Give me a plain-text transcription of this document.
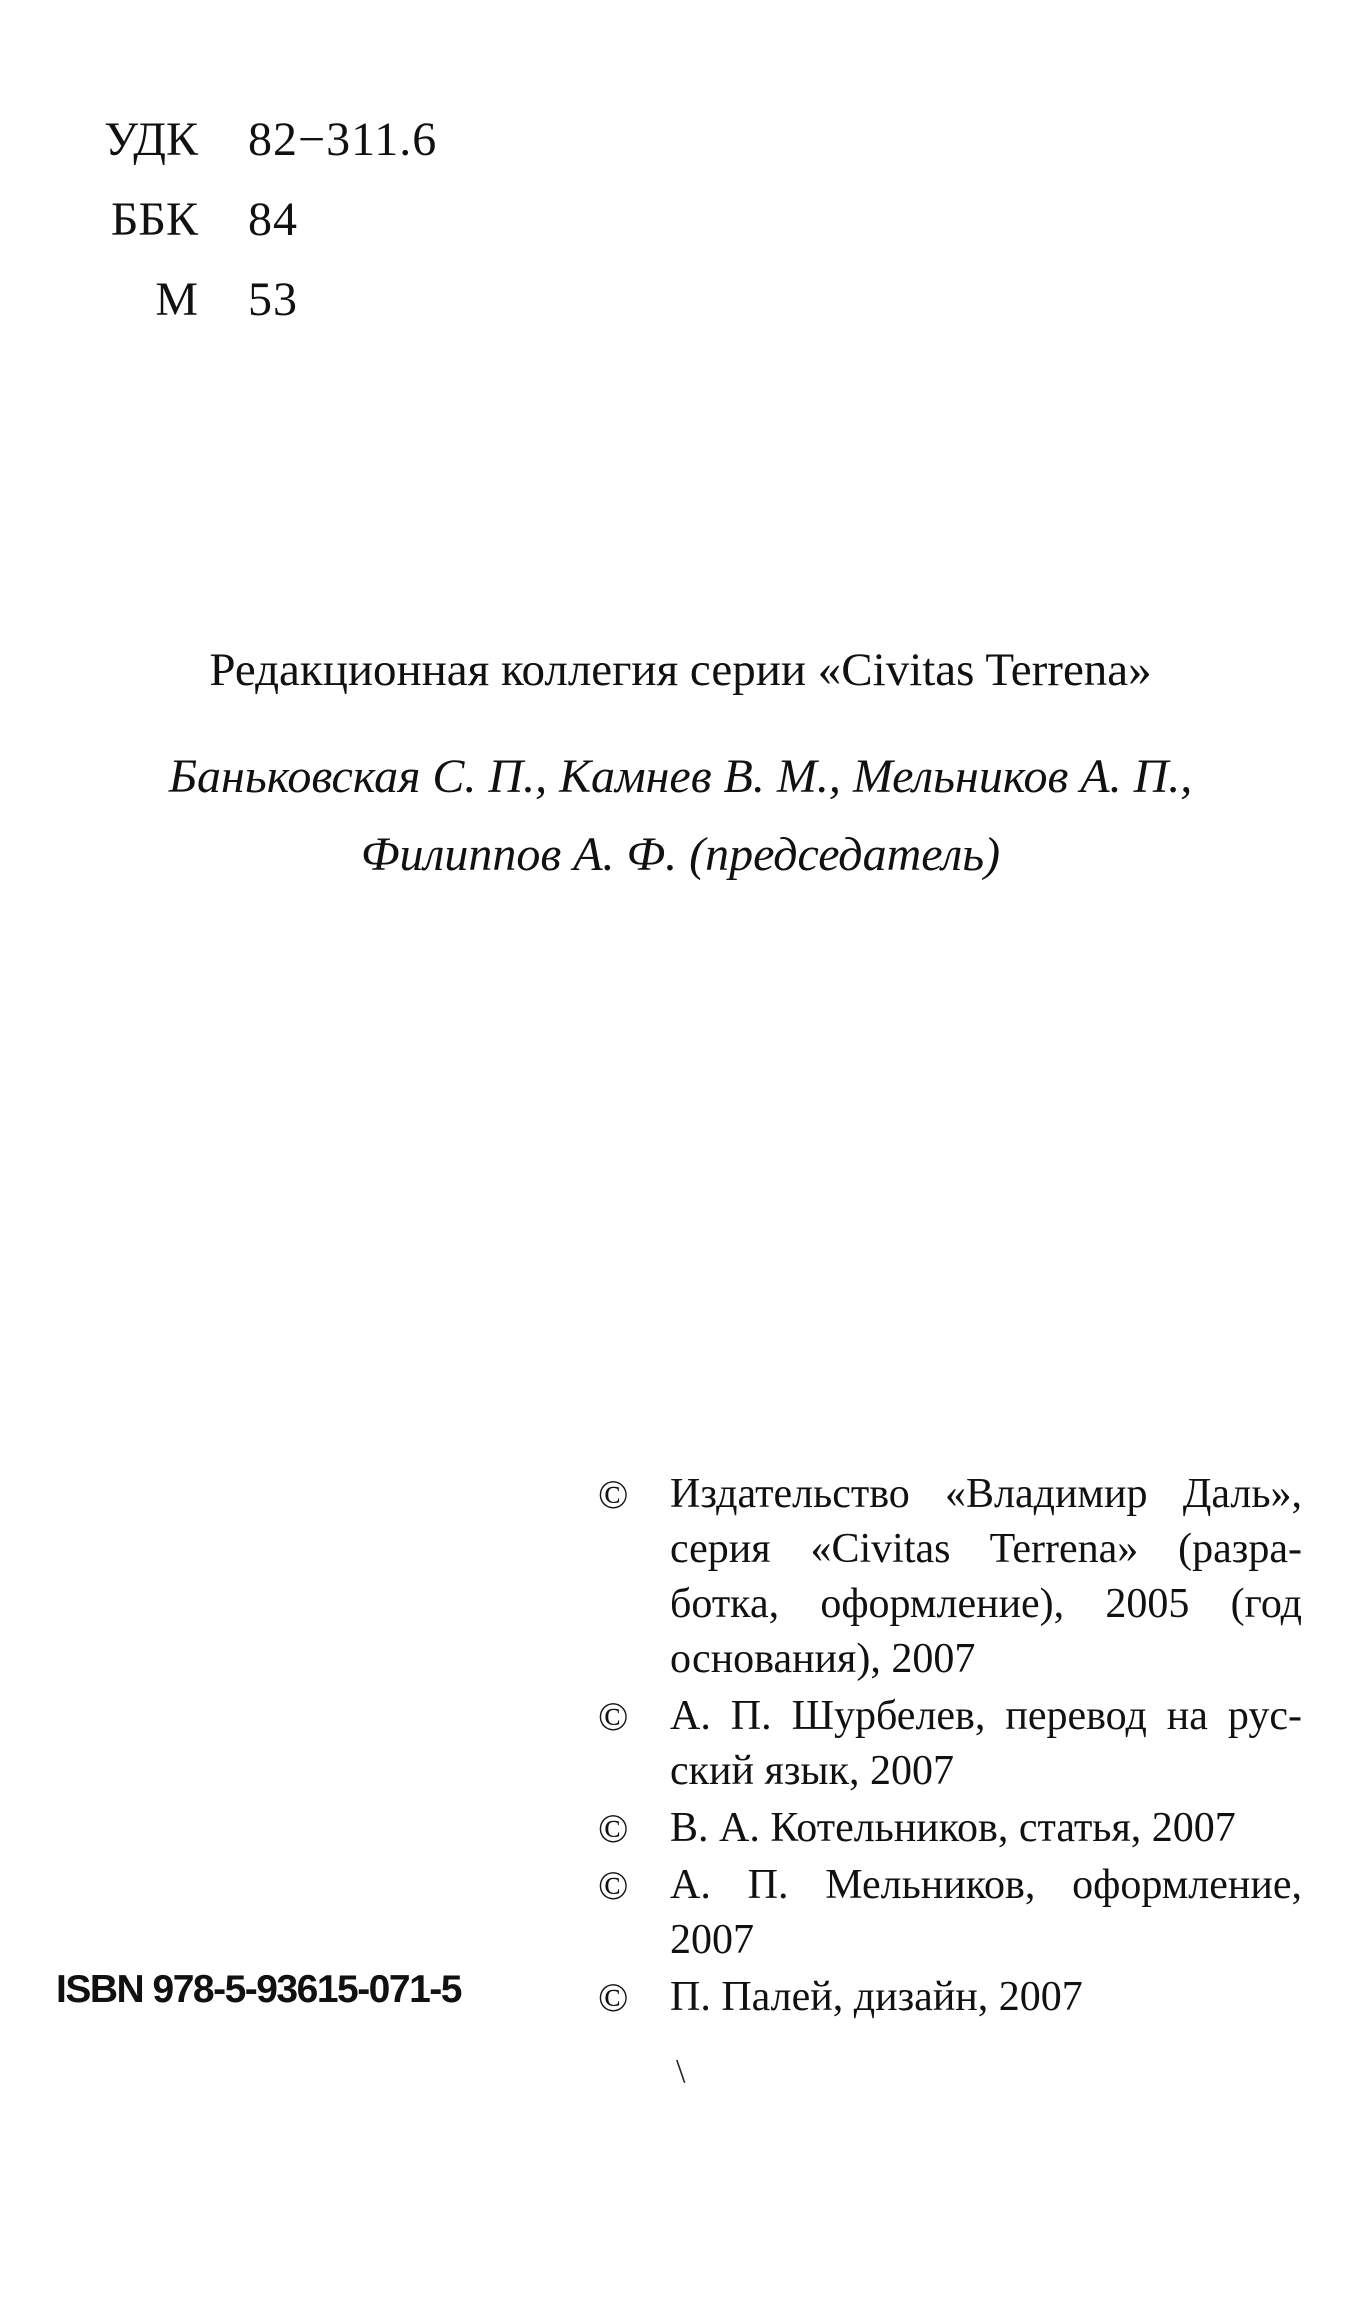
УДК	82−311.6
ББК	84
М	53
Редакционная коллегия серии «Civitas Terrena»
Баньковская С. П., Камнев В. М., Мельников А. П.,
Филиппов А. Ф. (председатель)
© Издательство «Владимир Даль», серия «Civitas Terrena» (разработка, оформление), 2005 (год основания), 2007
© А. П. Шурбелев, перевод на русский язык, 2007
© В. А. Котельников, статья, 2007
© А. П. Мельников, оформление, 2007
© П. Палей, дизайн, 2007
ISBN 978-5-93615-071-5
\
